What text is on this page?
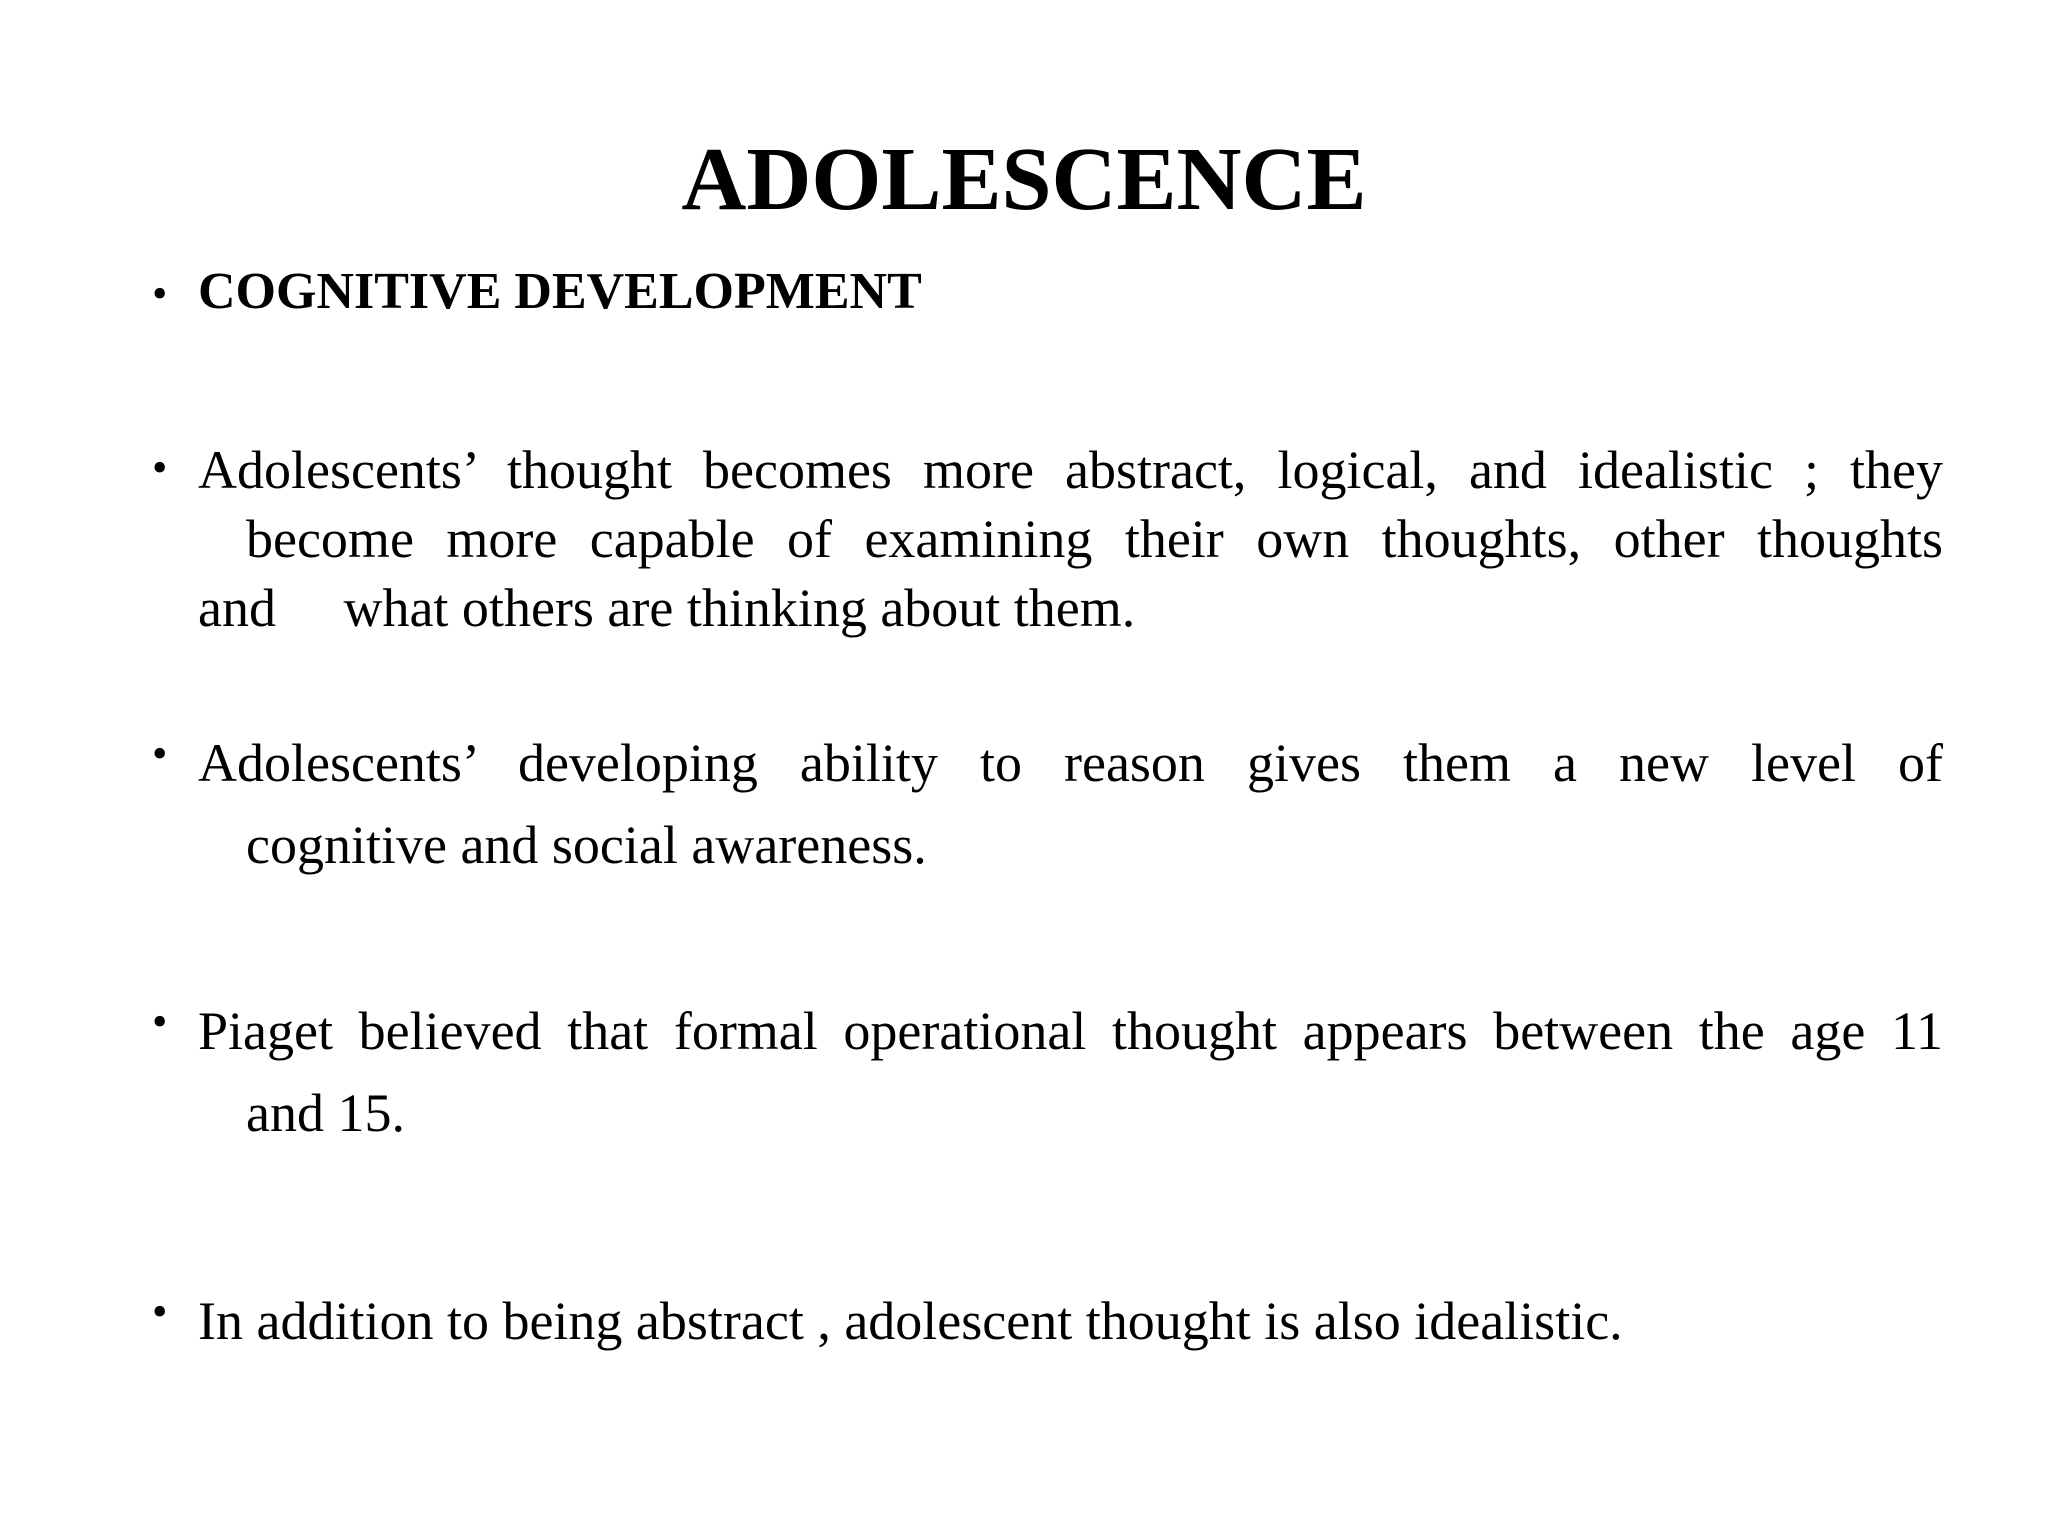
ADOLESCENCE
• COGNITIVE DEVELOPMENT
• Adolescents’ thought becomes more abstract, logical, and idealistic ; they
become more capable of examining their own thoughts, other thoughts
and     what others are thinking about them.
• Adolescents’ developing ability to reason gives them a new level of
cognitive and social awareness.
• Piaget believed that formal operational thought appears between the age 11
and 15.
• In addition to being abstract , adolescent thought is also idealistic.
